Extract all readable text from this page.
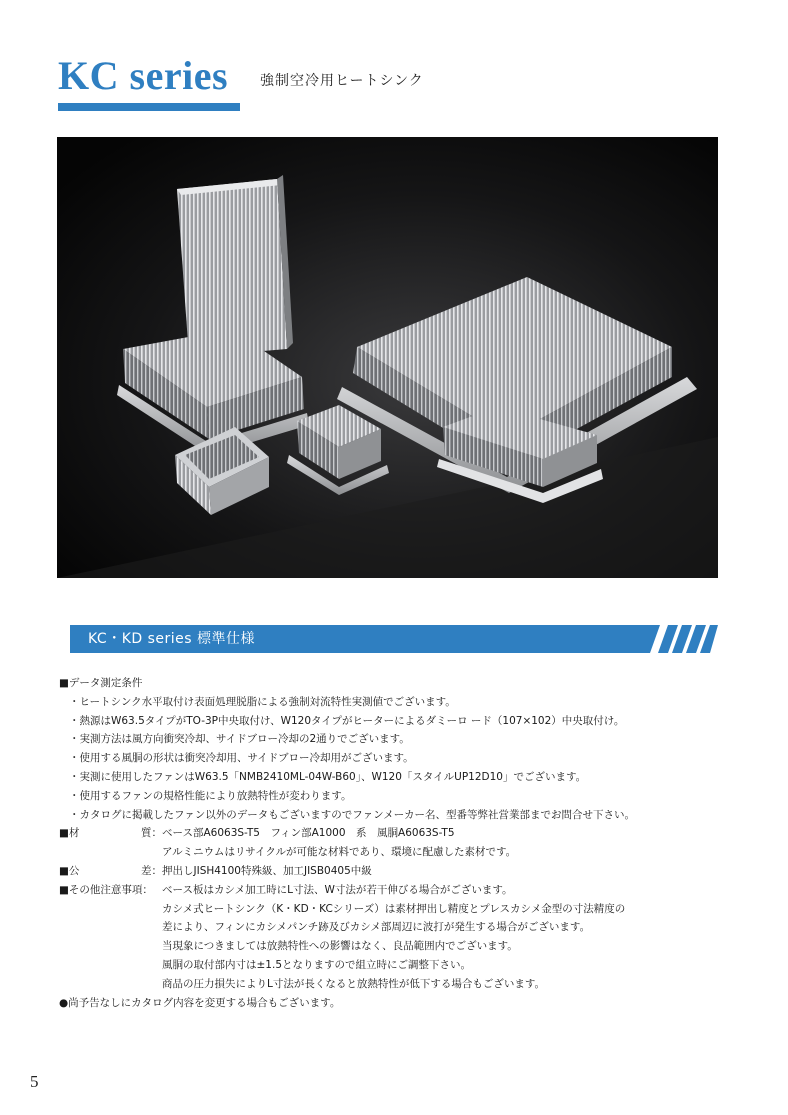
KC series 強制空冷用ヒートシンク
KC・KD series 標準仕様
■データ測定条件
・ヒートシンク水平取付け表面処理脱脂による強制対流特性実測値でございます。
・熱源はW63.5タイプがTO-3P中央取付け、W120タイプがヒーターによるダミーロ ード（107×102）中央取付け。
・実測方法は風方向衝突冷却、サイドブロー冷却の2通りでございます。
・使用する風胴の形状は衝突冷却用、サイドブロー冷却用がございます。
・実測に使用したファンはW63.5「NMB2410ML-04W-B60」、W120「スタイルUP12D10」でございます。
・使用するファンの規格性能により放熱特性が変わります。
・カタログに掲載したファン以外のデータもございますのでファンメーカー名、型番等弊社営業部までお問合せ下さい。
■材	質： ベース部A6063S-T5　フィン部A1000　系　風胴A6063S-T5
アルミニウムはリサイクルが可能な材料であり、環境に配慮した素材です。
■公	差： 押出しJISH4100特殊級、加工JISB0405中級
■その他注意事項： ベース板はカシメ加工時にL寸法、W寸法が若干伸びる場合がございます。
カシメ式ヒートシンク（K・KD・KCシリーズ）は素材押出し精度とプレスカシメ金型の寸法精度の
差により、フィンにカシメパンチ跡及びカシメ部周辺に波打が発生する場合がございます。
当現象につきましては放熱特性への影響はなく、良品範囲内でございます。
風胴の取付部内寸は±1.5となりますので組立時にご調整下さい。
商品の圧力損失によりL寸法が長くなると放熱特性が低下する場合もございます。
●尚予告なしにカタログ内容を変更する場合もございます。
5
